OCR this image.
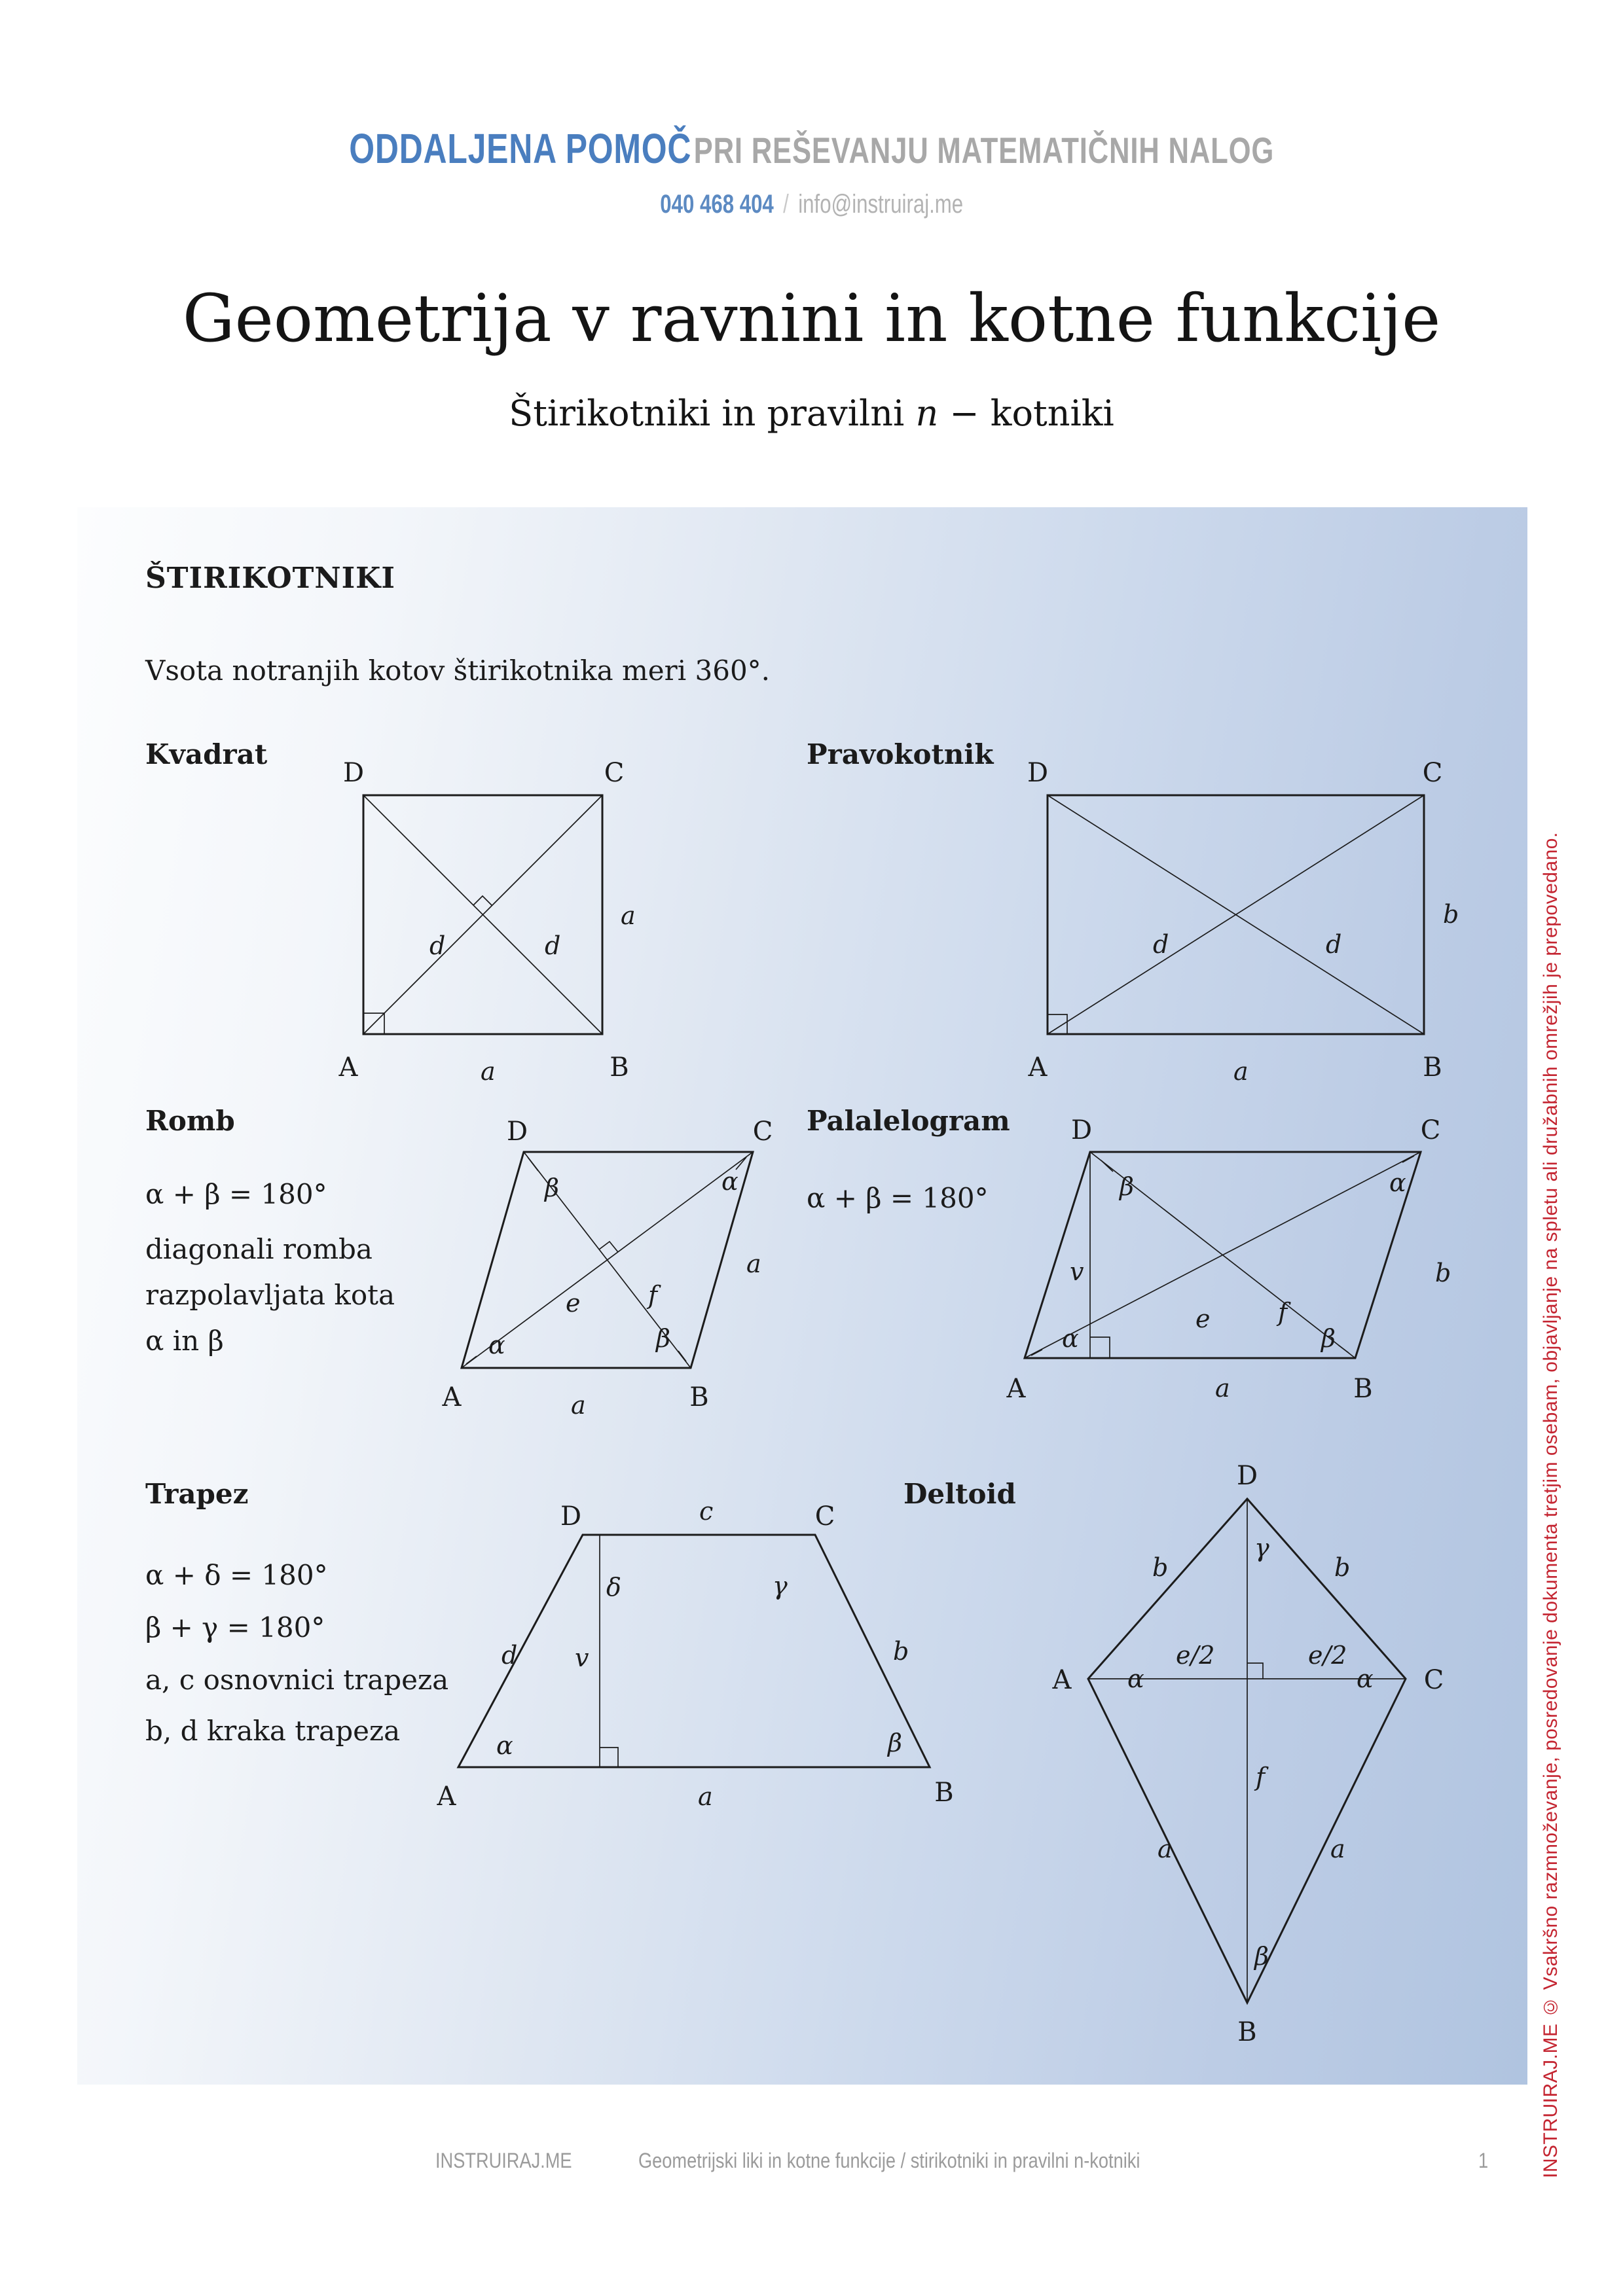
ODDALJENA POMOČ PRI REŠEVANJU MATEMATIČNIH NALOG
040 468 404 / info@instruiraj.me
Geometrija v ravnini in kotne funkcije
Štirikotniki in pravilni n − kotniki
ŠTIRIKOTNIKI
Vsota notranjih kotov štirikotnika meri 360°.
Kvadrat
D	C
A	B
a
a
d	d
Pravokotnik
D	C
A	B
b
a
d	d
Romb
α + β = 180°
diagonali romba
razpolavljata kota
α in β
D	C
A	B
β	α
α	β
e	f
a
a
Palalelogram
α + β = 180°
D	C
A	B
v
e	f
β	α
α	β
a
b
Trapez
α + δ = 180°
β + γ = 180°
a, c osnovnici trapeza
b, d kraka trapeza
D	c	C
A	B
a
d	b
v
δ	γ
α	β
Deltoid
D
A	C
B
b	b
a	a
γ
β
α	α
e/2	e/2
f	INSTRUIRAJ.ME © Vsakršno razmnoževanje, posredovanje dokumenta tretjim osebam, objavljanje na spletu ali družabnih omrežjih je prepovedano.
INSTRUIRAJ.ME	Geometrijski liki in kotne funkcije / stirikotniki in pravilni n-kotniki	1
